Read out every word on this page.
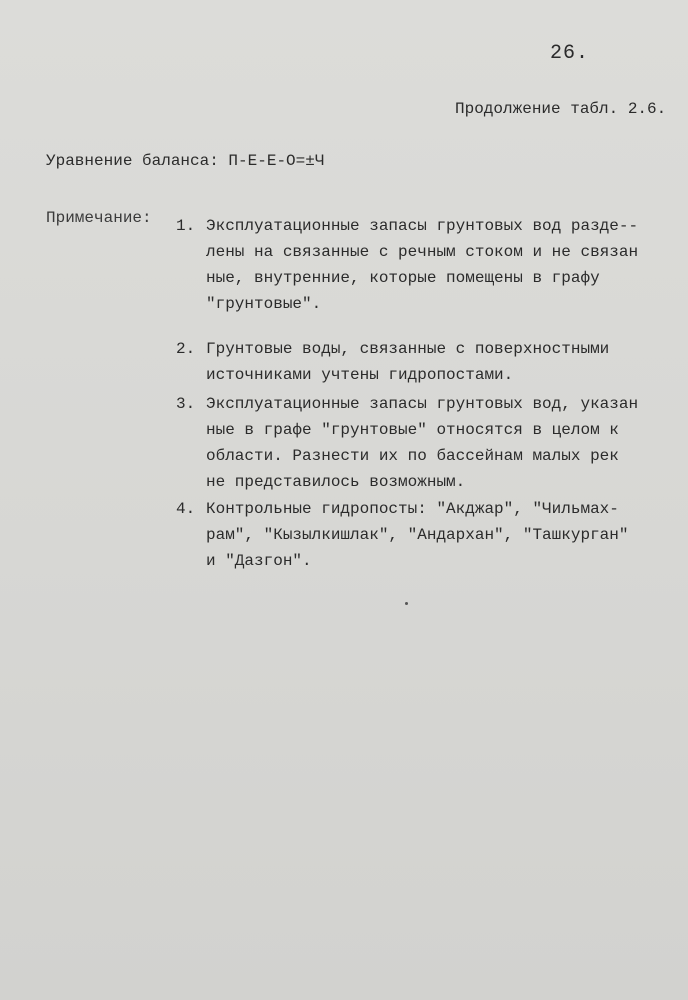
26.
Продолжение табл. 2.6.
Уравнение баланса: П-Е-Е-О=±Ч
Примечание: 1. Эксплуатационные запасы грунтовых вод разде--
лены на связанные с речным стоком и не связан
ные, внутренние, которые помещены в графу
"грунтовые".
2. Грунтовые воды, связанные с поверхностными
источниками учтены гидропостами.
3. Эксплуатационные запасы грунтовых вод, указан
ные в графе "грунтовые" относятся в целом к
области. Разнести их по бассейнам малых рек
не представилось возможным.
4. Контрольные гидропосты: "Акджар", "Чильмах-
рам", "Кызылкишлак", "Андархан", "Ташкурган"
и "Дазгон".
